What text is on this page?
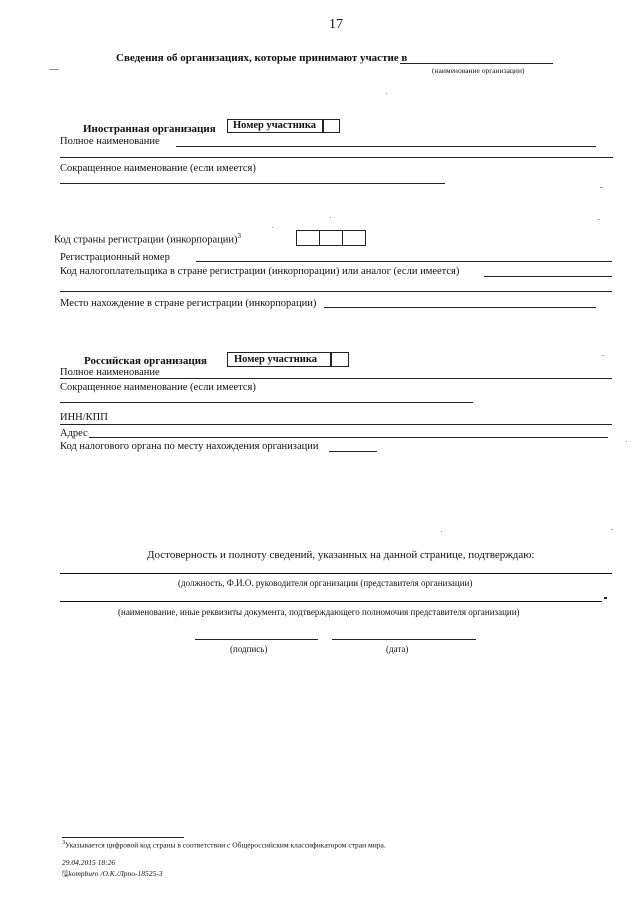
17
Сведения об организациях, которые принимают участие в
(наименование организации)
Иностранная организация Номер участника
Полное наименование
Сокращенное наименование (если имеется)
Код страны регистрации (инкорпорации)$^3$
Регистрационный номер
Код налогоплательщика в стране регистрации (инкорпорации) или аналог (если имеется)
Место нахождение в стране регистрации (инкорпорации)
Российская организация	Номер участника
Полное наименование
Сокращенное наименование (если имеется)
ИНН/КПП
Адрес
Код налогового органа по месту нахождения организации
Достоверность и полноту сведений, указанных на данной странице, подтверждаю:
(должность, Ф.И.О. руководителя организации (представителя организации)
(наименование, иные реквизиты документа, подтверждающего полномочия представителя организации)
(подпись)	(дата)
$^3$Указывается цифровой код страны в соответствии с Общероссийским классификатором стран мира.
29.04.2015 18:26
🖫kompburo /О.К./Лрпо-18525-3
